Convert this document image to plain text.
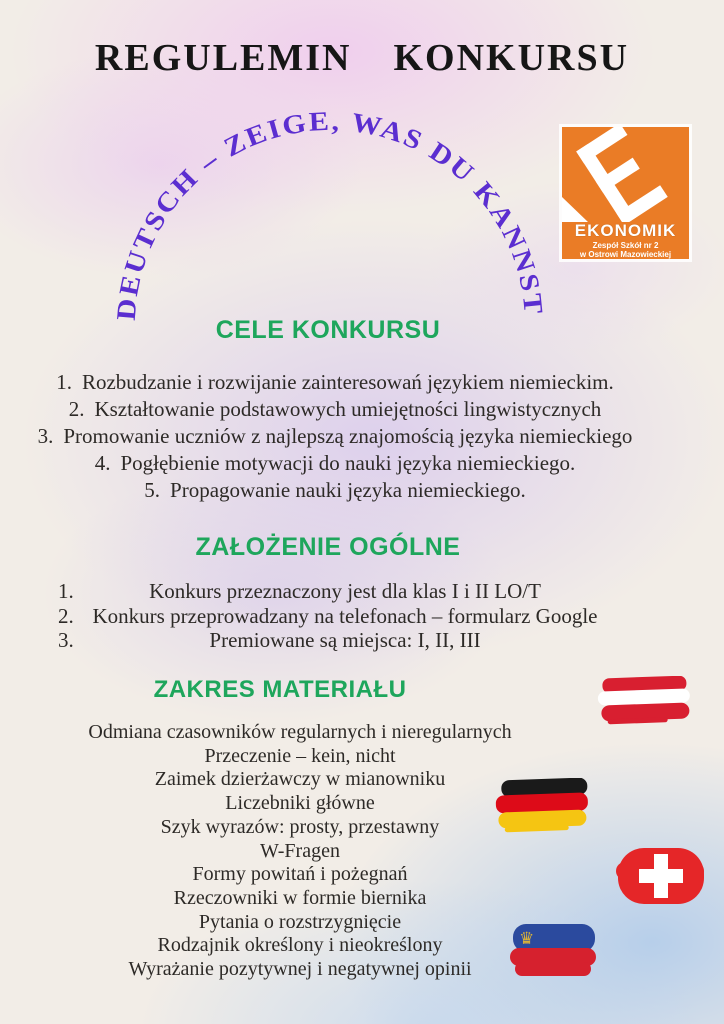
REGULEMIN KONKURSU
DEUTSCH – ZEIGE, WAS DU KANNST
EKONOMIK
Zespół Szkół nr 2
w Ostrowi Mazowieckiej
CELE KONKURSU
1. Rozbudzanie i rozwijanie zainteresowań językiem niemieckim.
2. Kształtowanie podstawowych umiejętności lingwistycznych
3. Promowanie uczniów z najlepszą znajomością języka niemieckiego
4. Pogłębienie motywacji do nauki języka niemieckiego.
5. Propagowanie nauki języka niemieckiego.
ZAŁOŻENIE OGÓLNE
1.	Konkurs przeznaczony jest dla klas I i II LO/T
2. Konkurs przeprowadzany na telefonach – formularz Google
3.	Premiowane są miejsca: I, II, III
ZAKRES MATERIAŁU
Odmiana czasowników regularnych i nieregularnych
Przeczenie – kein, nicht
Zaimek dzierżawczy w mianowniku
Liczebniki główne
Szyk wyrazów: prosty, przestawny
W-Fragen
Formy powitań i pożegnań
Rzeczowniki w formie biernika
Pytania o rozstrzygnięcie
Rodzajnik określony i nieokreślony
Wyrażanie pozytywnej i negatywnej opinii
♛
